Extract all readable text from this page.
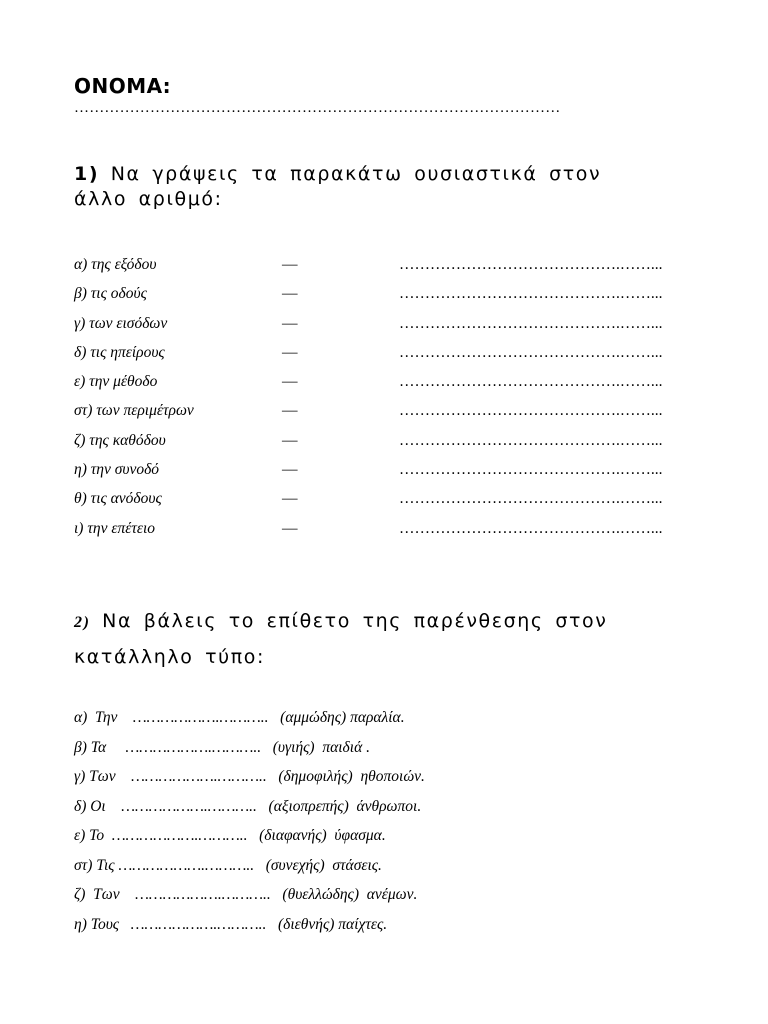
ΟΝΟΜΑ:
……………………………………………………………………………………
1) Να γράψεις τα παρακάτω ουσιαστικά στον άλλο αριθμό:
α) της εξόδου	—	…………………………………….……...
β) τις οδούς	—	…………………………………….……...
γ) των εισόδων	—	…………………………………….……...
δ) τις ηπείρους	—	…………………………………….……...
ε) την μέθοδο	—	…………………………………….……...
στ) των περιμέτρων	—	…………………………………….……...
ζ) της καθόδου	—	…………………………………….……...
η) την συνοδό	—	…………………………………….……...
θ) τις ανόδους	—	…………………………………….……...
ι) την επέτειο	—	…………………………………….……...
2) Να βάλεις το επίθετο της παρένθεσης στον κατάλληλο τύπο:
α)  Την    ……………….………..   (αμμώδης) παραλία.
β) Τα     ……………….………..   (υγιής)  παιδιά .
γ) Των    ……………….………..   (δημοφιλής)  ηθοποιών.
δ) Οι    ……………….………..   (αξιοπρεπής)  άνθρωποι.
ε) Το  ……………….………..   (διαφανής)  ύφασμα.
στ) Τις ……………….………..   (συνεχής)  στάσεις.
ζ)  Των    ……………….………..   (θυελλώδης)  ανέμων.
η) Τους   ……………….………..   (διεθνής) παίχτες.
